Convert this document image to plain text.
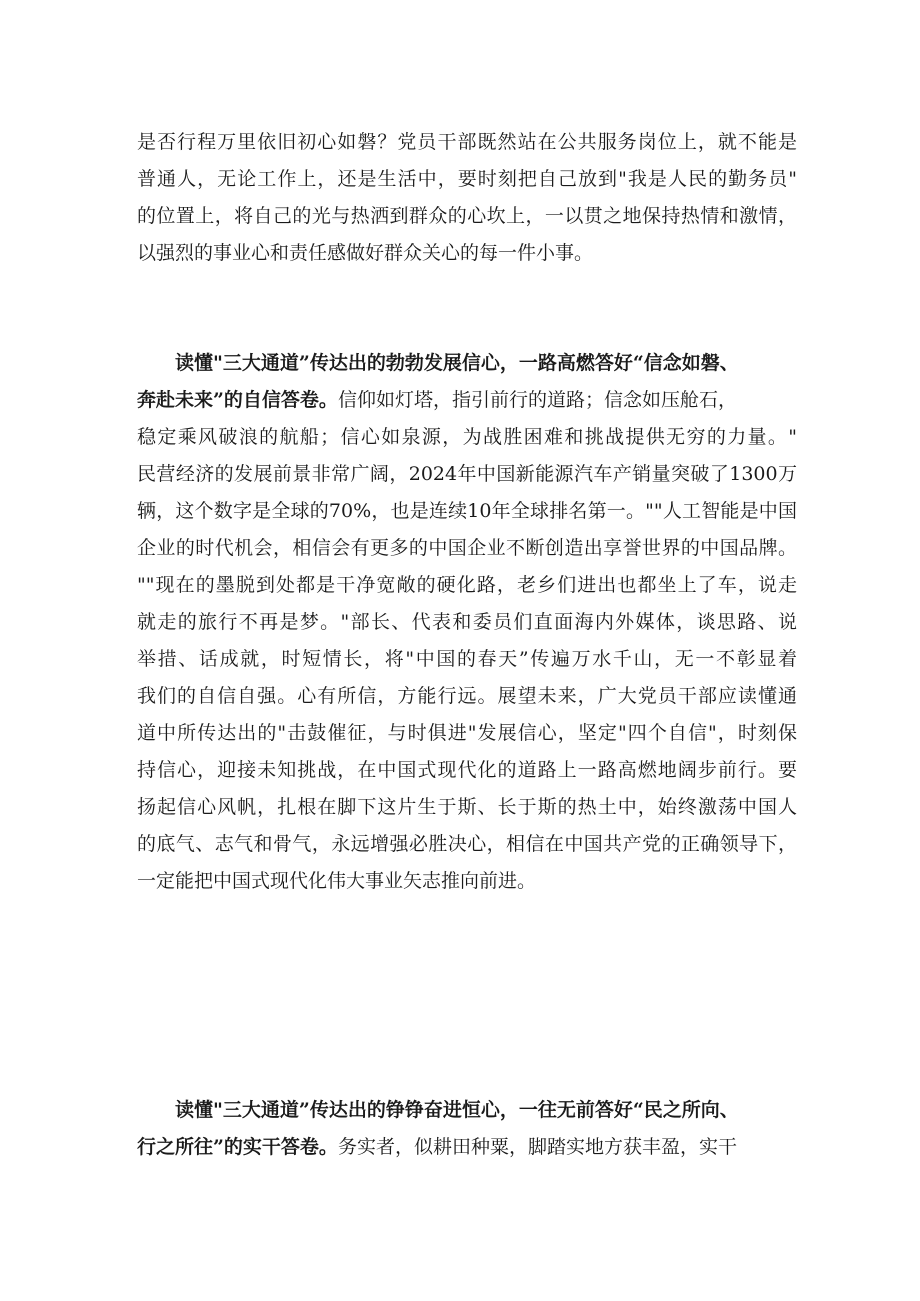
是否行程万里依旧初心如磐？党员干部既然站在公共服务岗位上，就不能是
普通人，无论工作上，还是生活中，要时刻把自己放到"我是人民的勤务员"
的位置上，将自己的光与热洒到群众的心坎上，一以贯之地保持热情和激情，
以强烈的事业心和责任感做好群众关心的每一件小事。
读懂"三大通道”传达出的勃勃发展信心，一路高燃答好“信念如磐、
奔赴未来”的自信答卷。信仰如灯塔，指引前行的道路；信念如压舱石，
稳定乘风破浪的航船；信心如泉源，为战胜困难和挑战提供无穷的力量。"
民营经济的发展前景非常广阔，2024年中国新能源汽车产销量突破了1300万
辆，这个数字是全球的70%，也是连续10年全球排名第一。""人工智能是中国
企业的时代机会，相信会有更多的中国企业不断创造出享誉世界的中国品牌。
""现在的墨脱到处都是干净宽敞的硬化路，老乡们进出也都坐上了车，说走
就走的旅行不再是梦。"部长、代表和委员们直面海内外媒体，谈思路、说
举措、话成就，时短情长，将"中国的春天”传遍万水千山，无一不彰显着
我们的自信自强。心有所信，方能行远。展望未来，广大党员干部应读懂通
道中所传达出的"击鼓催征，与时俱进"发展信心，坚定"四个自信"，时刻保
持信心，迎接未知挑战，在中国式现代化的道路上一路高燃地阔步前行。要
扬起信心风帆，扎根在脚下这片生于斯、长于斯的热土中，始终激荡中国人
的底气、志气和骨气，永远增强必胜决心，相信在中国共产党的正确领导下，
一定能把中国式现代化伟大事业矢志推向前进。
读懂"三大通道”传达出的铮铮奋进恒心，一往无前答好“民之所向、
行之所往”的实干答卷。务实者，似耕田种粟，脚踏实地方获丰盈，实干
